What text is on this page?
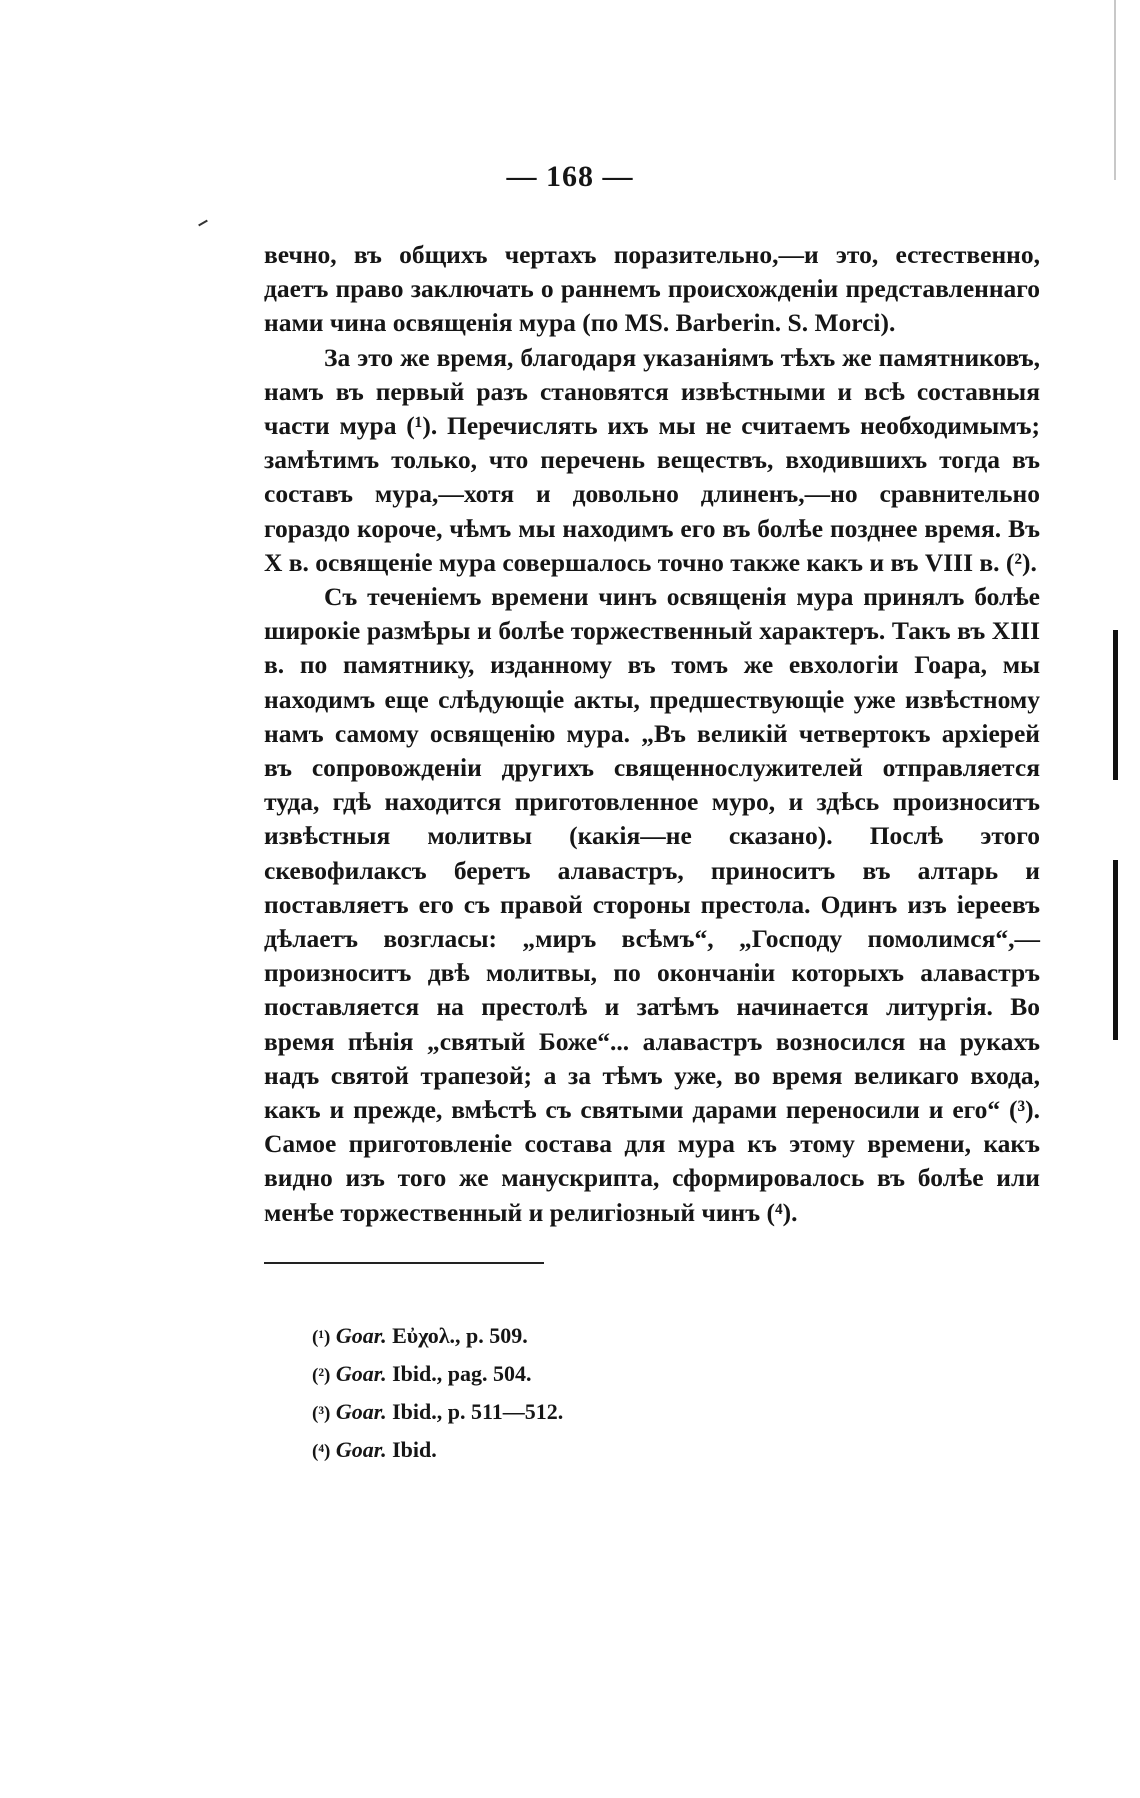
— 168 —

вечно, въ общихъ чертахъ поразительно,—и это, естественно, даетъ право заключать о раннемъ происхожденіи представленнаго нами чина освященія мура (по MS. Barberin. S. Morci).

За это же время, благодаря указаніямъ тѣхъ же памятниковъ, намъ въ первый разъ становятся извѣстными и всѣ составныя части мура (¹). Перечислять ихъ мы не считаемъ необходимымъ; замѣтимъ только, что перечень веществъ, входившихъ тогда въ составъ мура,—хотя и довольно длиненъ,—но сравнительно гораздо короче, чѣмъ мы находимъ его въ болѣе позднее время. Въ X в. освященіе мура совершалось точно также какъ и въ VIII в. (²).

Съ теченіемъ времени чинъ освященія мура принялъ болѣе широкіе размѣры и болѣе торжественный характеръ. Такъ въ XIII в. по памятнику, изданному въ томъ же евхологіи Гоара, мы находимъ еще слѣдующіе акты, предшествующіе уже извѣстному намъ самому освященію мура. „Въ великій четвертокъ архіерей въ сопровожденіи другихъ священнослужителей отправляется туда, гдѣ находится приготовленное муро, и здѣсь произноситъ извѣстныя молитвы (какія—не сказано). Послѣ этого скевофилаксъ беретъ алавастръ, приноситъ въ алтарь и поставляетъ его съ правой стороны престола. Одинъ изъ іереевъ дѣлаетъ возгласы: „миръ всѣмъ“, „Господу помолимся“,—произноситъ двѣ молитвы, по окончаніи которыхъ алавастръ поставляется на престолѣ и затѣмъ начинается литургія. Во время пѣнія „святый Боже“... алавастръ возносился на рукахъ надъ святой трапезой; а за тѣмъ уже, во время великаго входа, какъ и прежде, вмѣстѣ съ святыми дарами переносили и его“ (³). Самое приготовленіе состава для мура къ этому времени, какъ видно изъ того же манускрипта, сформировалось въ болѣе или менѣе торжественный и религіозный чинъ (⁴).

(¹) Goar. Εὐχολ., p. 509.
(²) Goar. Ibid., pag. 504.
(³) Goar. Ibid., p. 511—512.
(⁴) Goar. Ibid.
